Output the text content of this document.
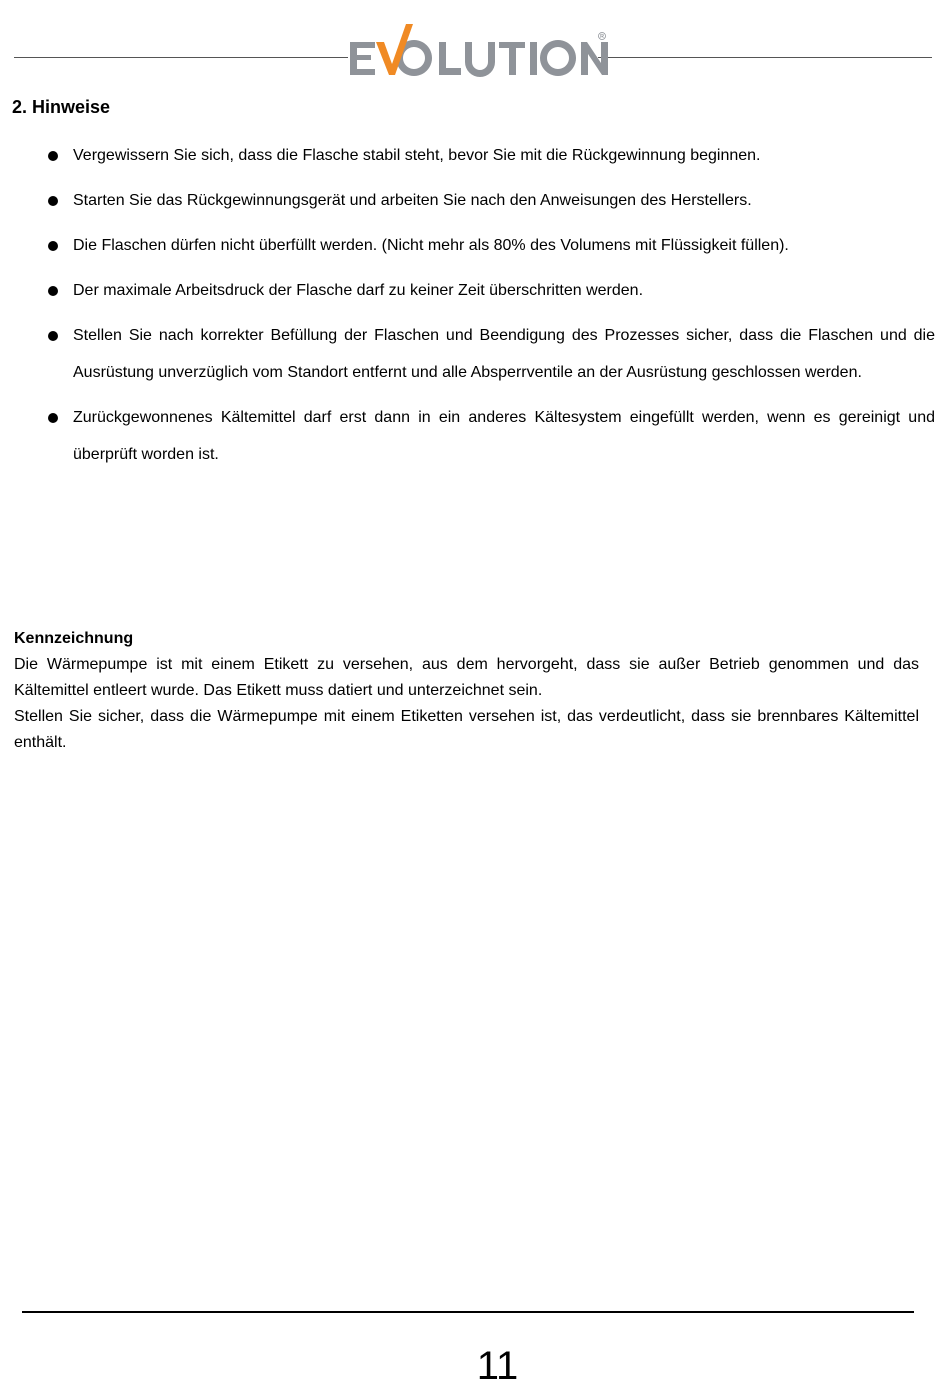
2. Hinweise
Vergewissern Sie sich, dass die Flasche stabil steht, bevor Sie mit die Rückgewinnung beginnen.
Starten Sie das Rückgewinnungsgerät und arbeiten Sie nach den Anweisungen des Herstellers.
Die Flaschen dürfen nicht überfüllt werden. (Nicht mehr als 80% des Volumens mit Flüssigkeit füllen).
Der maximale Arbeitsdruck der Flasche darf zu keiner Zeit überschritten werden.
Stellen Sie nach korrekter Befüllung der Flaschen und Beendigung des Prozesses sicher, dass die Flaschen und die Ausrüstung unverzüglich vom Standort entfernt und alle Absperrventile an der Ausrüstung geschlossen werden.
Zurückgewonnenes Kältemittel darf erst dann in ein anderes Kältesystem eingefüllt werden, wenn es gereinigt und überprüft worden ist.
Kennzeichnung

Die Wärmepumpe ist mit einem Etikett zu versehen, aus dem hervorgeht, dass sie außer Betrieb genommen und das Kältemittel entleert wurde. Das Etikett muss datiert und unterzeichnet sein.

Stellen Sie sicher, dass die Wärmepumpe mit einem Etiketten versehen ist, das verdeutlicht, dass sie brennbares Kältemittel enthält.

11
